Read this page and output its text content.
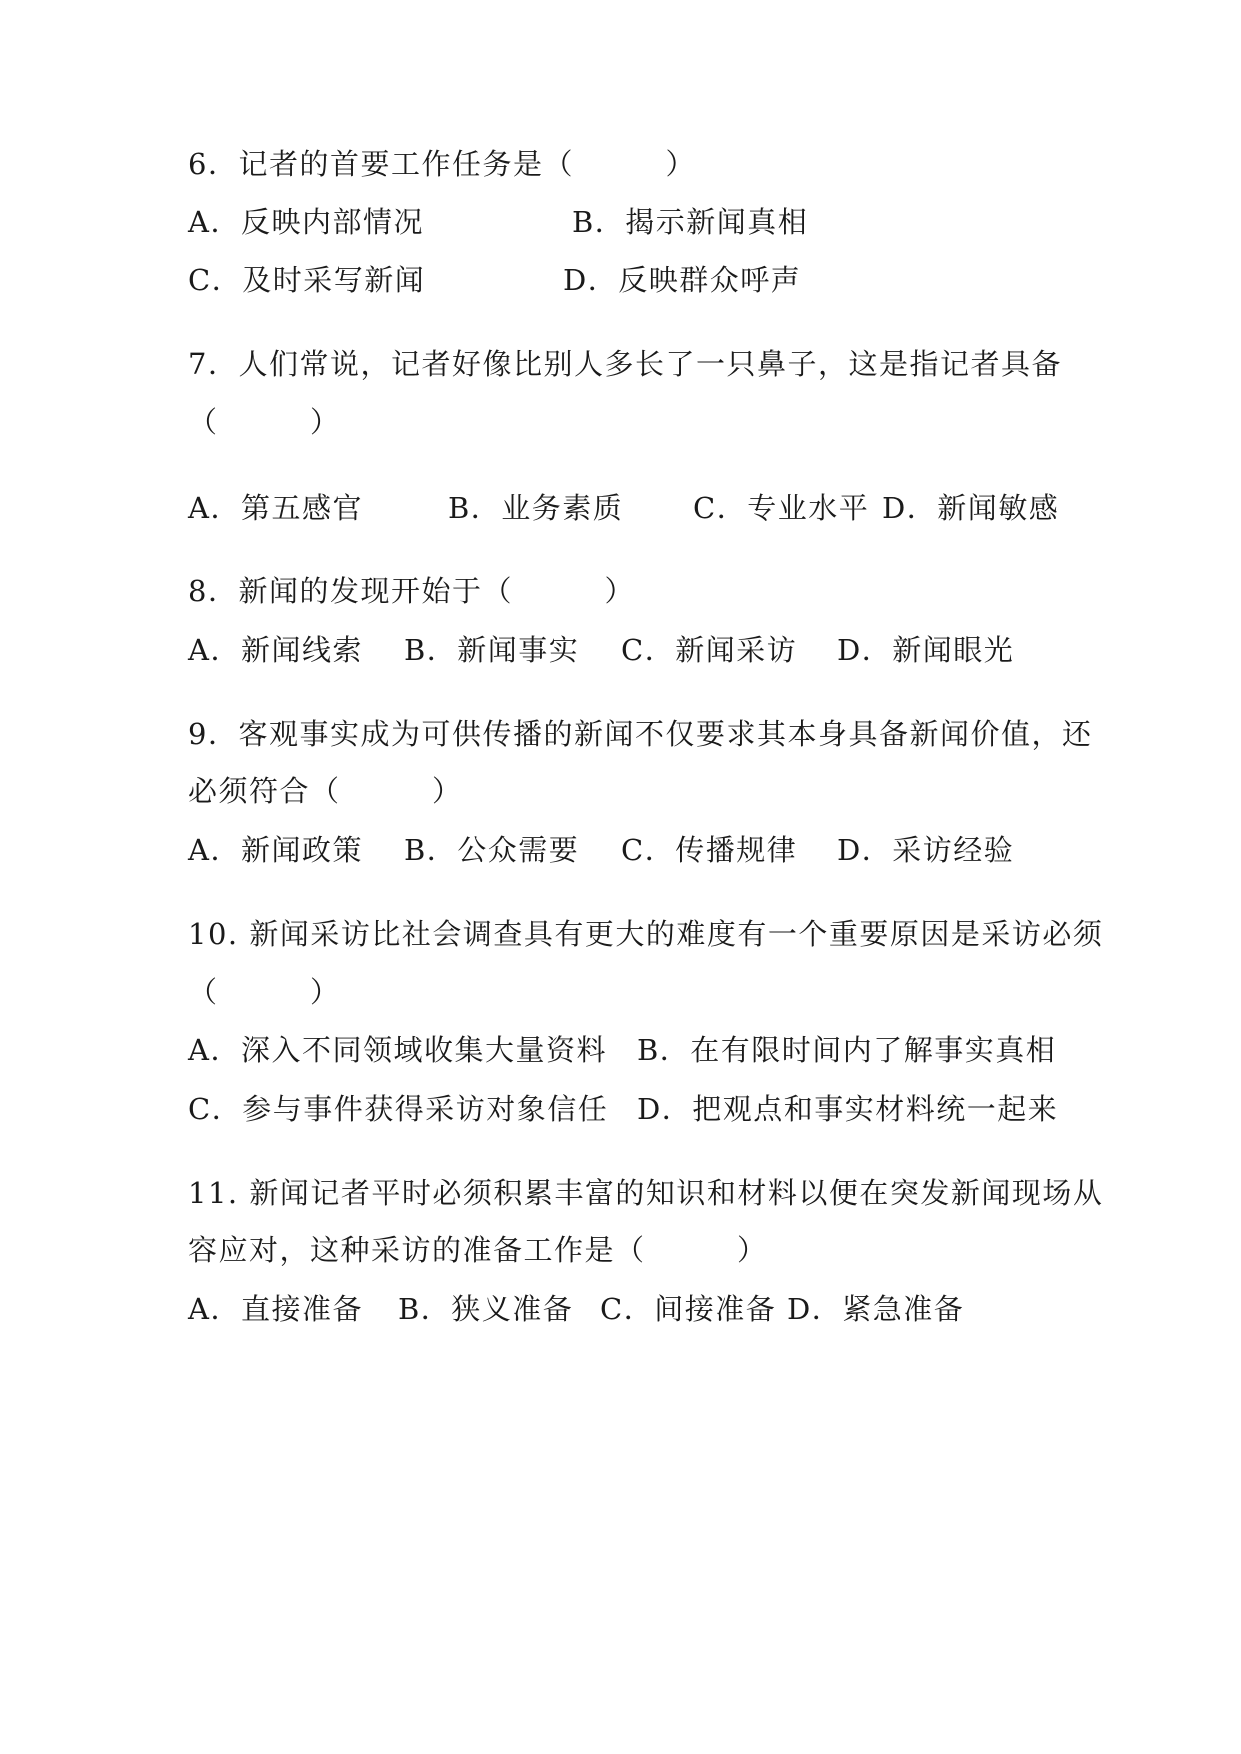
6．记者的首要工作任务是（　　　）
A．反映内部情况	B．揭示新闻真相
C．及时采写新闻	D．反映群众呼声
7．人们常说，记者好像比别人多长了一只鼻子，这是指记者具备
（　　　）
A．第五感官	B．业务素质 C．专业水平 D．新闻敏感
8．新闻的发现开始于（　　　）
A．新闻线索 B．新闻事实 C．新闻采访 D．新闻眼光
9．客观事实成为可供传播的新闻不仅要求其本身具备新闻价值，还
必须符合（　　　）
A．新闻政策 B．公众需要 C．传播规律 D．采访经验
10. 新闻采访比社会调查具有更大的难度有一个重要原因是采访必须
（　　　）
A．深入不同领域收集大量资料 B．在有限时间内了解事实真相
C．参与事件获得采访对象信任 D．把观点和事实材料统一起来
11. 新闻记者平时必须积累丰富的知识和材料以便在突发新闻现场从
容应对，这种采访的准备工作是（　　　）
A．直接准备 B．狭义准备 C．间接准备 D．紧急准备
